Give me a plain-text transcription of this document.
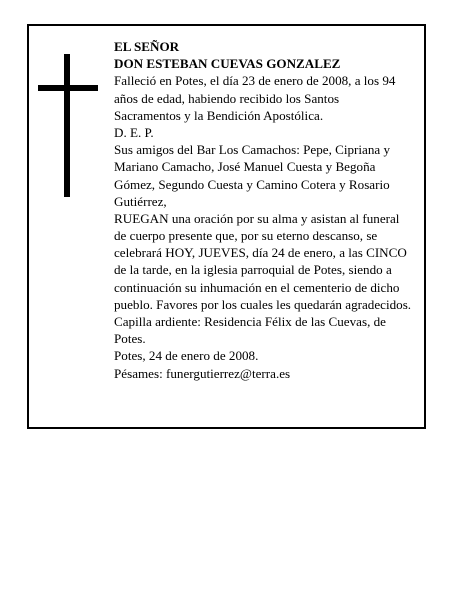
EL SEÑOR
DON ESTEBAN CUEVAS GONZALEZ
Falleció en Potes, el día 23 de enero de 2008, a los 94
años de edad, habiendo recibido los Santos
Sacramentos y la Bendición Apostólica.
D. E. P.
Sus amigos del Bar Los Camachos: Pepe, Cipriana y
Mariano Camacho, José Manuel Cuesta y Begoña
Gómez, Segundo Cuesta y Camino Cotera y Rosario
Gutiérrez,
RUEGAN una oración por su alma y asistan al funeral
de cuerpo presente que, por su eterno descanso, se
celebrará HOY, JUEVES, día 24 de enero, a las CINCO
de la tarde, en la iglesia parroquial de Potes, siendo a
continuación su inhumación en el cementerio de dicho
pueblo. Favores por los cuales les quedarán agradecidos.
Capilla ardiente: Residencia Félix de las Cuevas, de
Potes.
Potes, 24 de enero de 2008.
Pésames: funergutierrez@terra.es
